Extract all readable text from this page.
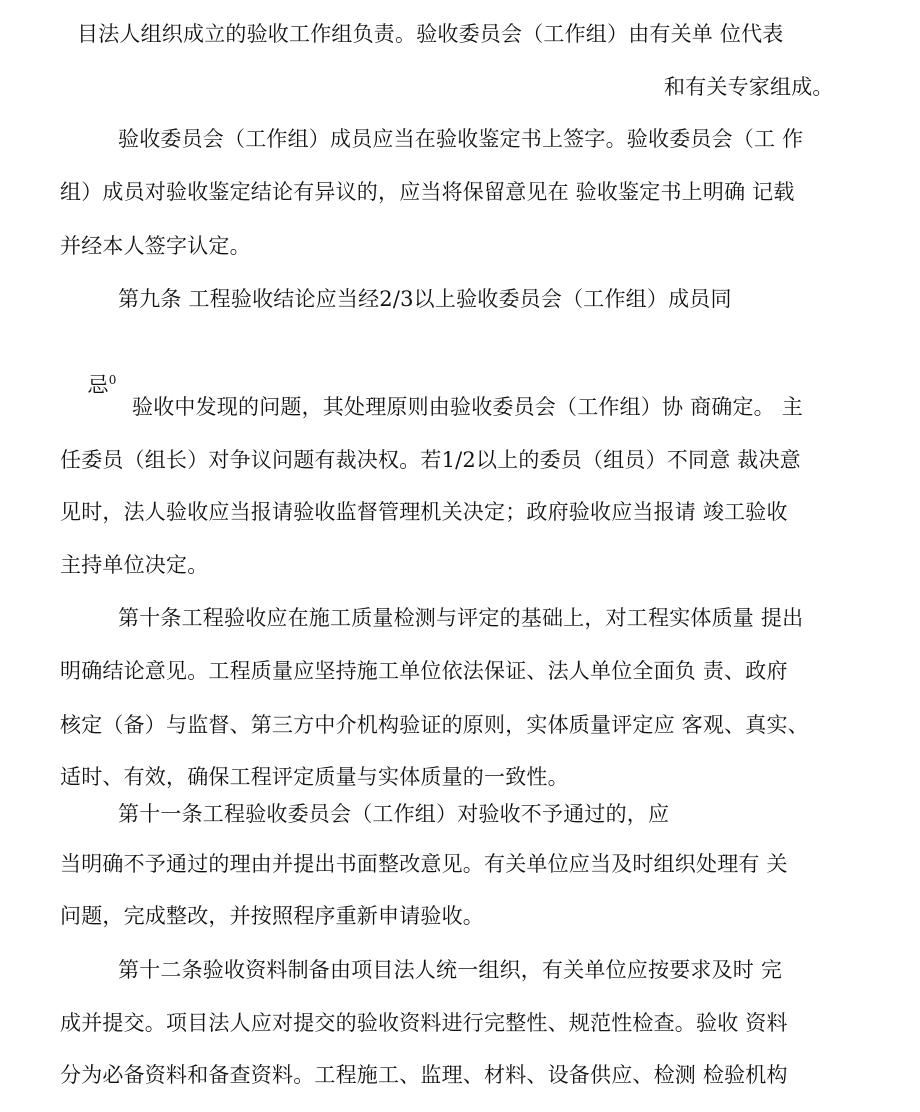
目法人组织成立的验收工作组负责。验收委员会（工作组）由有关单 位代表
和有关专家组成。
验收委员会（工作组）成员应当在验收鉴定书上签字。验收委员会（工 作
组）成员对验收鉴定结论有异议的，应当将保留意见在 验收鉴定书上明确 记载
并经本人签字认定。
第九条 工程验收结论应当经2/3以上验收委员会（工作组）成员同

忌$^0$

验收中发现的问题，其处理原则由验收委员会（工作组）协 商确定。 主
任委员（组长）对争议问题有裁决权。若1/2以上的委员（组员）不同意 裁决意
见时，法人验收应当报请验收监督管理机关决定；政府验收应当报请 竣工验收
主持单位决定。
第十条工程验收应在施工质量检测与评定的基础上，对工程实体质量 提出
明确结论意见。工程质量应坚持施工单位依法保证、法人单位全面负 责、政府
核定（备）与监督、第三方中介机构验证的原则，实体质量评定应 客观、真实、
适时、有效，确保工程评定质量与实体质量的一致性。
第十一条工程验收委员会（工作组）对验收不予通过的，应
当明确不予通过的理由并提出书面整改意见。有关单位应当及时组织处理有 关
问题，完成整改，并按照程序重新申请验收。
第十二条验收资料制备由项目法人统一组织，有关单位应按要求及时 完
成并提交。项目法人应对提交的验收资料进行完整性、规范性检查。验收 资料
分为必备资料和备查资料。工程施工、监理、材料、设备供应、检测 检验机构
